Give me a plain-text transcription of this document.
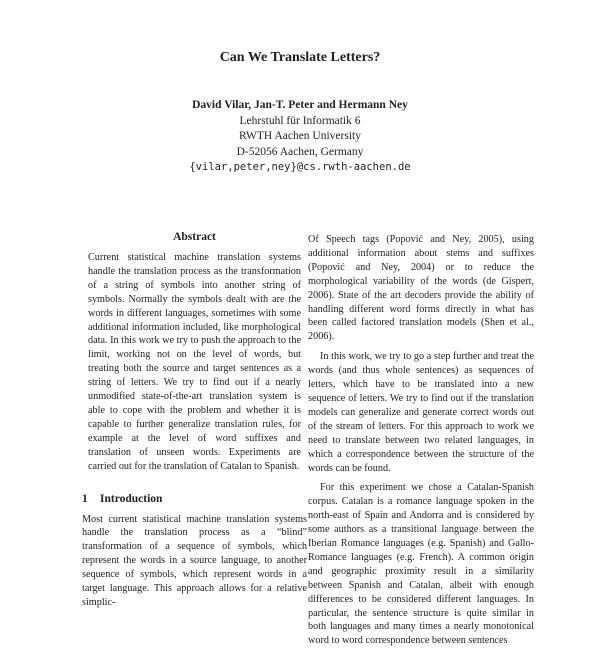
Can We Translate Letters?
David Vilar, Jan-T. Peter and Hermann Ney
Lehrstuhl für Informatik 6
RWTH Aachen University
D-52056 Aachen, Germany
{vilar,peter,ney}@cs.rwth-aachen.de
Abstract

Current statistical machine translation systems handle the translation process as the transformation of a string of symbols into another string of symbols. Normally the symbols dealt with are the words in different languages, sometimes with some additional information included, like morphological data. In this work we try to push the approach to the limit, working not on the level of words, but treating both the source and target sentences as a string of letters. We try to find out if a nearly unmodified state-of-the-art translation system is able to cope with the problem and whether it is capable to further generalize translation rules, for example at the level of word suffixes and translation of unseen words. Experiments are carried out for the translation of Catalan to Spanish.

1 Introduction

Most current statistical machine translation systems handle the translation process as a “blind” transformation of a sequence of symbols, which represent the words in a source language, to another sequence of symbols, which represent words in a target language. This approach allows for a relative simplic-

Of Speech tags (Popović and Ney, 2005), using additional information about stems and suffixes (Popović and Ney, 2004) or to reduce the morphological variability of the words (de Gispert, 2006). State of the art decoders provide the ability of handling different word forms directly in what has been called factored translation models (Shen et al., 2006).

In this work, we try to go a step further and treat the words (and thus whole sentences) as sequences of letters, which have to be translated into a new sequence of letters. We try to find out if the translation models can generalize and generate correct words out of the stream of letters. For this approach to work we need to translate between two related languages, in which a correspondence between the structure of the words can be found.

For this experiment we chose a Catalan-Spanish corpus. Catalan is a romance language spoken in the north-east of Spain and Andorra and is considered by some authors as a transitional language between the Iberian Romance languages (e.g. Spanish) and Gallo-Romance languages (e.g. French). A common origin and geographic proximity result in a similarity between Spanish and Catalan, albeit with enough differences to be considered different languages. In particular, the sentence structure is quite similar in both languages and many times a nearly monotonical word to word correspondence between sentences
